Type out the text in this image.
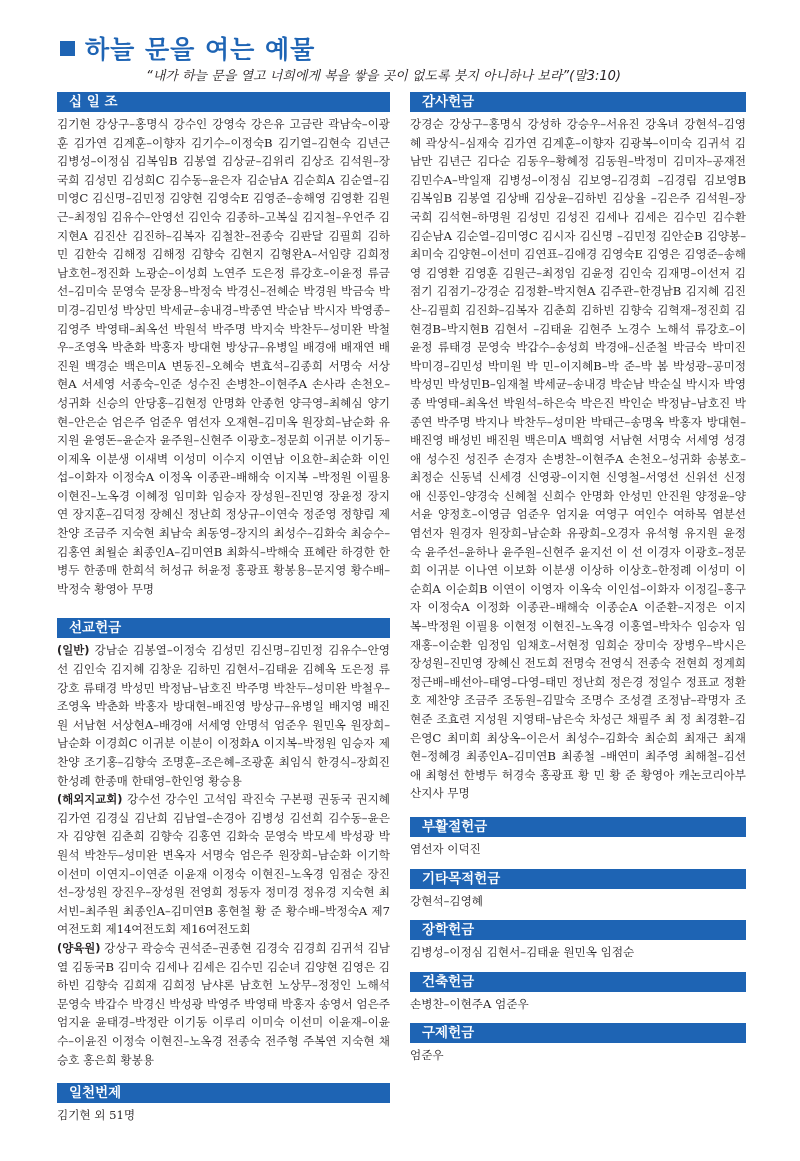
하늘 문을 여는 예물
“내가 하늘 문을 열고 너희에게 복을 쌓을 곳이 없도록 붓지 아니하나 보라”(말3:10)
십 일 조
김기현 강상구–홍명식 강수인 강영숙 강은유 고금란 곽남숙–이광훈 김가연 김계훈–이향자 김기수–이정숙B 김기열–김현숙 김년근 김병성–이정심 김복임B 김봉열 김상균–김위리 김상조 김석원–장국희 김성민 김성희C 김수동–윤은자 김순남A 김순희A 김순열–김미영C 김신명–김민정 김양현 김영숙E 김영준–송해영 김영환 김원근–최정임 김유수–안영선 김인숙 김종하–고복실 김지철–우언주 김지현A 김진산 김진하–김복자 김철찬–전종숙 김판달 김필희 김하민 김한숙 김해정 김해정 김향숙 김현지 김형완A–서임량 김희정 남호헌–정진화 노광순–이성희 노연주 도은정 류강호–이윤정 류금선–김미숙 문영숙 문장용–박정숙 박경신–전혜순 박경원 박금숙 박미경–김민성 박상민 박세균–송내경–박종연 박순남 박시자 박영종–김영주 박영태–최옥선 박원석 박주명 박지숙 박찬두–성미완 박철우–조영옥 박춘화 박홍자 방대현 방상규–유병일 배경애 배재연 배진원 백경순 백은미A 변동진–오혜숙 변효석–김종희 서명숙 서상현A 서세영 서종숙–인준 성수진 손병찬–이현주A 손사라 손천오–성귀화 신승의 안당홍–김현정 안명화 안종헌 양극영–최혜심 양기현–안은순 엄은주 엄준우 염선자 오재현–김미옥 원장희–남순화 유지원 윤영돈–윤순자 윤주원–신현주 이광호–정문희 이귀분 이기동–이제옥 이분생 이새벽 이성미 이수지 이연남 이요한–최순화 이인섭–이화자 이정숙A 이정옥 이종관–배해숙 이지복 –박정원 이필용 이현진–노옥경 이혜정 임미화 임승자 장성원–진민영 장윤정 장지연 장지훈–김덕정 장혜신 정난희 정상규–이연숙 정준영 정향림 제찬양 조금주 지숙현 최남숙 최동영–장지의 최성수–김화숙 최승수–김홍연 최월순 최종인A–김미연B 최화식–박해숙 표혜란 하경한 한병두 한종매 한희석 허성규 허윤정 홍광표 황봉용–문지영 황수배–박정숙 황영아 무명
선교헌금
(일반) 강남순 김봉열–이정숙 김성민 김신명–김민정 김유수–안영선 김인숙 김지혜 김창운 김하민 김현서–김태윤 김혜옥 도은정 류강호 류태경 박성민 박정남–남호진 박주명 박찬두–성미완 박철우–조영옥 박춘화 박홍자 방대현–배진영 방상규–유병일 배지영 배진원 서남현 서상현A–배경애 서세영 안명석 엄준우 원민옥 원장희–남순화 이경희C 이귀분 이분이 이정화A 이지복–박정원 임승자 제찬양 조기홍–김향숙 조명훈–조은혜–조광훈 최임식 한경식–장희진 한성례 한종매 한태영–한인영 황승용
(해외지교회) 강수선 강수인 고석임 곽진숙 구본평 권동국 권지혜 김가연 김경실 김난희 김남열–손경아 김병성 김선희 김수동–윤은자 김양현 김춘희 김향숙 김홍연 김화숙 문영숙 박모세 박성광 박원석 박찬두–성미완 변옥자 서명숙 엄은주 원장희–남순화 이기학 이선미 이연지–이연준 이윤재 이정숙 이현진–노옥경 임점순 장진선–장성원 장진우–장성원 전영희 정동자 정미경 정유경 지숙현 최서빈–최주원 최종인A–김미연B 홍현철 황 준 황수배–박정숙A 제7여전도회 제14여전도회 제16여전도회
(양육원) 강상구 곽승숙 권석준–권종현 김경숙 김경희 김귀석 김남열 김동국B 김미숙 김세나 김세은 김수민 김순녀 김양현 김영은 김하빈 김향숙 김희재 김희정 남샤론 남호헌 노상무–정정인 노해석 문영숙 박갑수 박경신 박성광 박영주 박영태 박홍자 송영서 엄은주 엄지윤 윤태경–박정란 이기동 이루리 이미숙 이선미 이윤재–이윤수–이윤진 이정숙 이현진–노옥경 전종숙 전주형 주복연 지숙현 채승호 홍은희 황봉용
일천번제
김기현 외 51명
감사헌금
강경순 강상구–홍명식 강성하 강승우–서유진 강옥녀 강현석–김영혜 곽상식–심재숙 김가연 김계훈–이향자 김광복–이미숙 김귀석 김남만 김년근 김다순 김동우–황혜정 김동원–박정미 김미자–공재전 김민수A–박일재 김병성–이정심 김보영–김경희 –김경림 김보영B 김복임B 김봉열 김상배 김상윤–김하빈 김상율 –김은주 김석원–장국희 김석현–하명원 김성민 김성진 김세나 김세은 김수민 김수환 김순남A 김순열–김미영C 김시자 김신명 –김민정 김안순B 김양봉–최미숙 김양현–이선미 김연표–김애경 김영숙E 김영은 김영준–송해영 김영환 김영훈 김원근–최정임 김윤정 김인숙 김재명–이선저 김점기 김점기–강경순 김정환–박지현A 김주관–한경남B 김지혜 김진산–김필희 김진화–김복자 김춘희 김하빈 김향숙 김혁재–정진희 김현경B–박지현B 김현서 –김태윤 김현주 노경수 노해석 류강호–이윤정 류태경 문영숙 박갑수–송성희 박경애–신준철 박금숙 박미진 박미경–김민성 박미원 박 민–이지혜B–박 준–박 봄 박성광–공미정 박성민 박성민B–임재철 박세균–송내경 박순남 박순실 박시자 박영종 박영태–최옥선 박원석–하은숙 박은진 박인순 박정남–남호진 박종연 박주명 박지나 박찬두–성미완 박태근–송명옥 박홍자 방대현–배진영 배성빈 배진원 백은미A 백희영 서남현 서명숙 서세영 성경애 성수진 성진주 손경자 손병찬–이현주A 손천오–성귀화 송봉호–최정순 신동녘 신세경 신영광–이지현 신영철–서영선 신위선 신정애 신풍인–양경숙 신혜철 신희수 안명화 안성민 안진원 양정윤–양서윤 양정호–이영금 엄준우 엄지윤 여영구 여인수 여하목 염분선 염선자 원경자 원장희–남순화 유광희–오경자 유석형 유지원 윤정숙 윤주선–윤하나 윤주원–신현주 윤지선 이 선 이경자 이광호–정문희 이귀분 이나연 이보화 이분생 이상하 이상호–한정례 이성미 이순희A 이순희B 이연이 이영자 이옥숙 이인섭–이화자 이정길–홍구자 이정숙A 이정화 이종관–배해숙 이종순A 이준환–지정은 이지복–박정원 이필용 이현정 이현진–노옥경 이홍열–박차수 임승자 임재홍–이순환 임정임 임채호–서현정 임희순 장미숙 장병우–박시은 장성원–진민영 장혜신 전도희 전명숙 전영식 전종숙 전현희 정계희 정근배–배선아–태영–다영–태민 정난희 정은경 정일수 정표교 정환호 제찬양 조금주 조동원–김말숙 조명수 조성결 조정남–곽명자 조현준 조효련 지성원 지영태–남은숙 차성근 채필주 최 정 최경환–김은영C 최미희 최상옥–이은서 최성수–김화숙 최순희 최재근 최재현–정혜경 최종인A–김미연B 최종철 –배연미 최주영 최해철–김선애 최형선 한병두 허경숙 홍광표 황 민 황 준 황영아 캐논코리아부산지사 무명
부활절헌금
염선자 이덕진
기타목적헌금
강현석–김영혜
장학헌금
김병성–이정심 김현서–김태윤 원민옥 임점순
건축헌금
손병찬–이현주A 엄준우
구제헌금
엄준우
